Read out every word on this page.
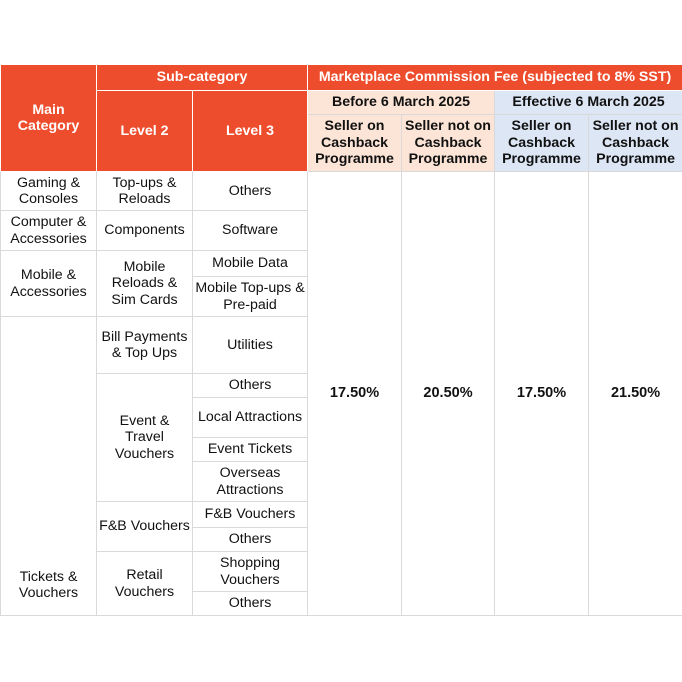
Main Category	Sub-category		Marketplace Commission Fee (subjected to 8% SST)			
	Level 2	Level 3	Before 6 March 2025		Effective 6 March 2025	
			Seller on Cashback Programme	Seller not on Cashback Programme	Seller on Cashback Programme	Seller not on Cashback Programme
Gaming & Consoles	Top-ups & Reloads	Others	17.50%	20.50%	17.50%	21.50%
Computer & Accessories	Components	Software				
Mobile & Accessories	Mobile Reloads & Sim Cards	Mobile Data				
		Mobile Top-ups & Pre-paid				

Tickets & Vouchers	Bill Payments & Top Ups	Utilities				
	Event & Travel Vouchers	Others				
		Local Attractions				
		Event Tickets				
		Overseas Attractions				
	F&B Vouchers	F&B Vouchers				
		Others				
	Retail Vouchers	Shopping Vouchers				
		Others				
